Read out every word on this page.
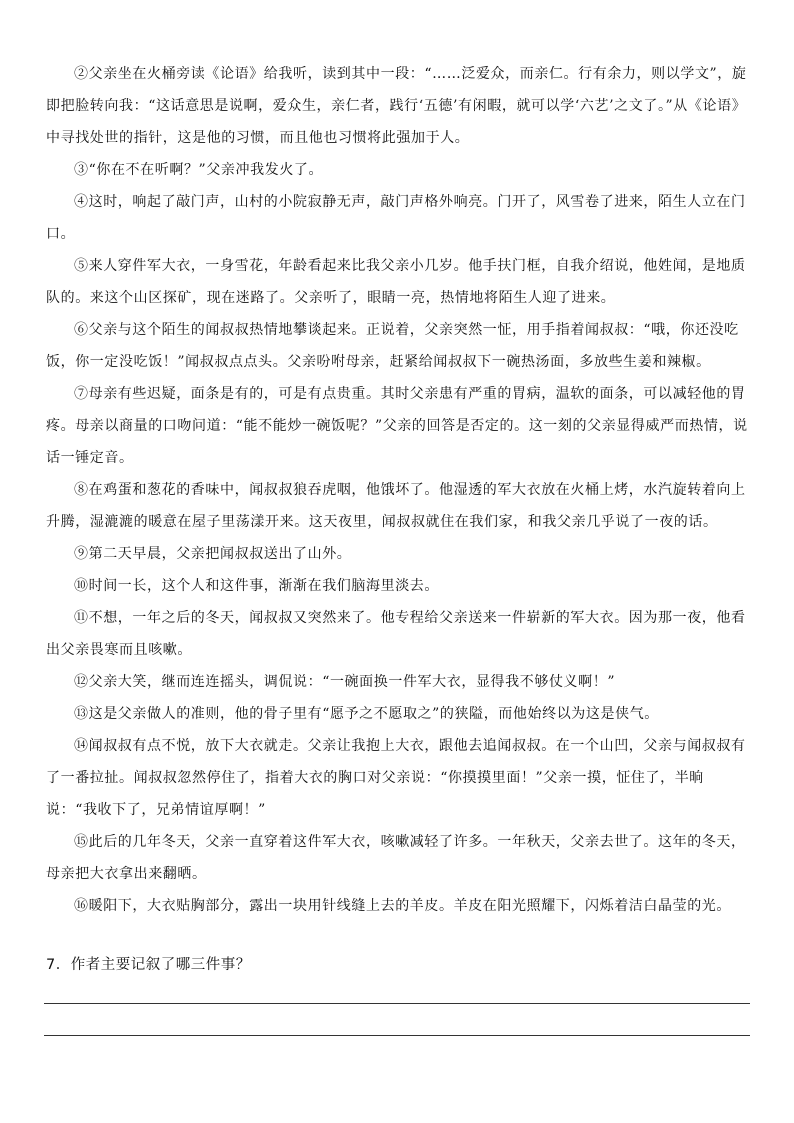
②父亲坐在火桶旁读《论语》给我听，读到其中一段：“……泛爱众，而亲仁。行有余力，则以学文”，旋即把脸转向我：“这话意思是说啊，爱众生，亲仁者，践行‘五德’有闲暇，就可以学‘六艺’之文了。”从《论语》中寻找处世的指针，这是他的习惯，而且他也习惯将此强加于人。

③“你在不在听啊？”父亲冲我发火了。

④这时，响起了敲门声，山村的小院寂静无声，敲门声格外响亮。门开了，风雪卷了进来，陌生人立在门口。

⑤来人穿件军大衣，一身雪花，年龄看起来比我父亲小几岁。他手扶门框，自我介绍说，他姓闻，是地质队的。来这个山区探矿，现在迷路了。父亲听了，眼睛一亮，热情地将陌生人迎了进来。

⑥父亲与这个陌生的闻叔叔热情地攀谈起来。正说着，父亲突然一怔，用手指着闻叔叔：“哦，你还没吃饭，你一定没吃饭！”闻叔叔点点头。父亲吩咐母亲，赶紧给闻叔叔下一碗热汤面，多放些生姜和辣椒。

⑦母亲有些迟疑，面条是有的，可是有点贵重。其时父亲患有严重的胃病，温软的面条，可以减轻他的胃疼。母亲以商量的口吻问道：“能不能炒一碗饭呢？”父亲的回答是否定的。这一刻的父亲显得威严而热情，说话一锤定音。

⑧在鸡蛋和葱花的香味中，闻叔叔狼吞虎咽，他饿坏了。他湿透的军大衣放在火桶上烤，水汽旋转着向上升腾，湿漉漉的暖意在屋子里荡漾开来。这天夜里，闻叔叔就住在我们家，和我父亲几乎说了一夜的话。

⑨第二天早晨，父亲把闻叔叔送出了山外。

⑩时间一长，这个人和这件事，渐渐在我们脑海里淡去。

⑪不想，一年之后的冬天，闻叔叔又突然来了。他专程给父亲送来一件崭新的军大衣。因为那一夜，他看出父亲畏寒而且咳嗽。

⑫父亲大笑，继而连连摇头，调侃说：“一碗面换一件军大衣，显得我不够仗义啊！”

⑬这是父亲做人的准则，他的骨子里有“愿予之不愿取之”的狭隘，而他始终以为这是侠气。

⑭闻叔叔有点不悦，放下大衣就走。父亲让我抱上大衣，跟他去追闻叔叔。在一个山凹，父亲与闻叔叔有了一番拉扯。闻叔叔忽然停住了，指着大衣的胸口对父亲说：“你摸摸里面！”父亲一摸，怔住了，半晌说：“我收下了，兄弟情谊厚啊！”

⑮此后的几年冬天，父亲一直穿着这件军大衣，咳嗽减轻了许多。一年秋天，父亲去世了。这年的冬天，母亲把大衣拿出来翻晒。

⑯暖阳下，大衣贴胸部分，露出一块用针线缝上去的羊皮。羊皮在阳光照耀下，闪烁着洁白晶莹的光。

7．作者主要记叙了哪三件事？
